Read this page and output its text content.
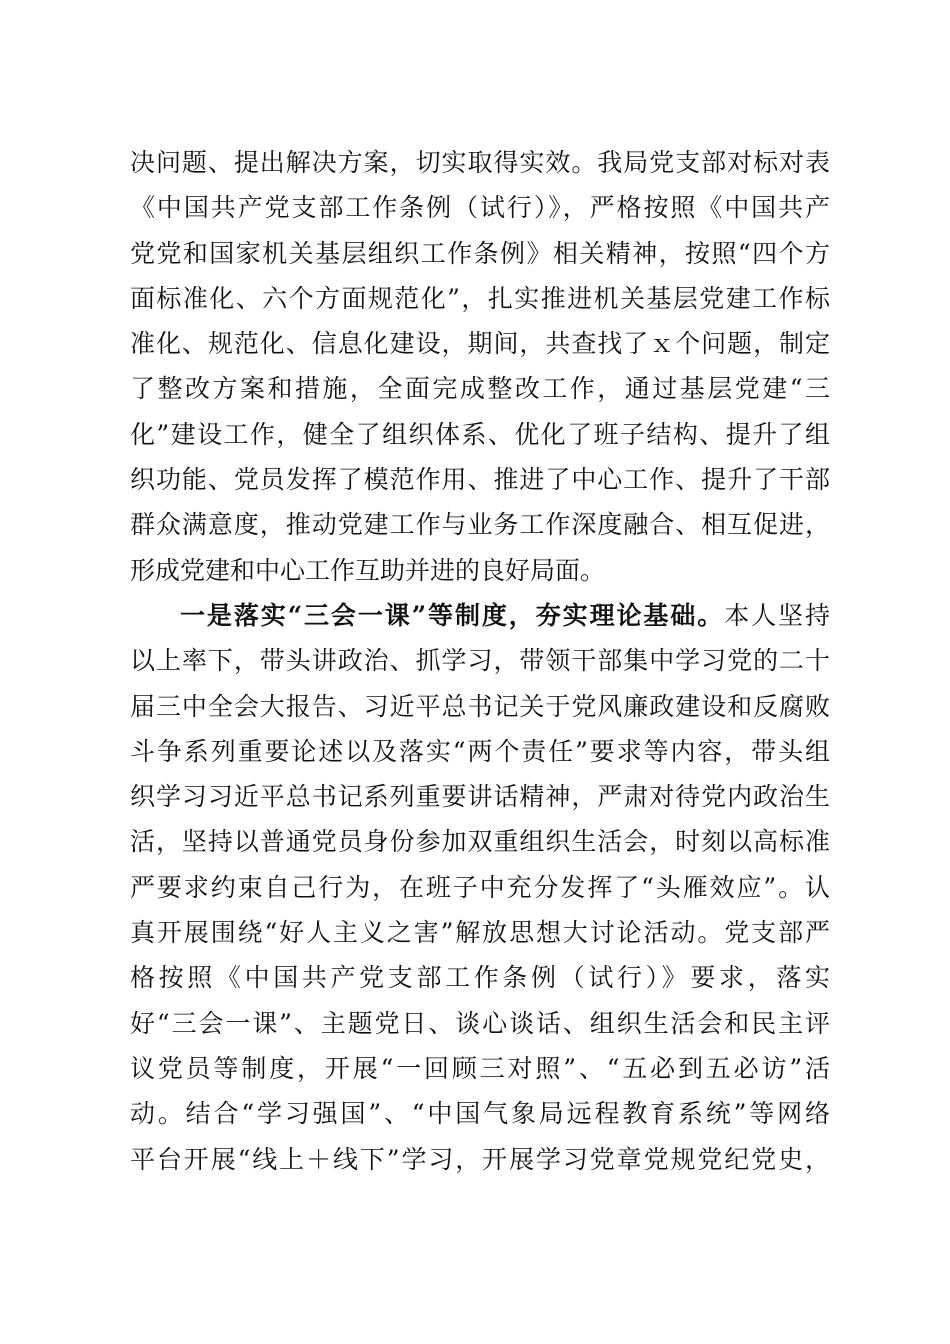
决问题、提出解决方案，切实取得实效。我局党支部对标对表
《中国共产党支部工作条例（试行）》，严格按照《中国共产
党党和国家机关基层组织工作条例》相关精神，按照“四个方
面标准化、六个方面规范化”，扎实推进机关基层党建工作标
准化、规范化、信息化建设，期间，共查找了ｘ个问题，制定
了整改方案和措施，全面完成整改工作，通过基层党建“三
化”建设工作，健全了组织体系、优化了班子结构、提升了组
织功能、党员发挥了模范作用、推进了中心工作、提升了干部
群众满意度，推动党建工作与业务工作深度融合、相互促进，
形成党建和中心工作互助并进的良好局面。
一是落实“三会一课”等制度，夯实理论基础。本人坚持
以上率下，带头讲政治、抓学习，带领干部集中学习党的二十
届三中全会大报告、习近平总书记关于党风廉政建设和反腐败
斗争系列重要论述以及落实“两个责任”要求等内容，带头组
织学习习近平总书记系列重要讲话精神，严肃对待党内政治生
活，坚持以普通党员身份参加双重组织生活会，时刻以高标准
严要求约束自己行为，在班子中充分发挥了“头雁效应”。认
真开展围绕“好人主义之害”解放思想大讨论活动。党支部严
格按照《中国共产党支部工作条例（试行）》要求，落实
好“三会一课”、主题党日、谈心谈话、组织生活会和民主评
议党员等制度，开展“一回顾三对照”、“五必到五必访”活
动。结合“学习强国”、“中国气象局远程教育系统”等网络
平台开展“线上＋线下”学习，开展学习党章党规党纪党史，
